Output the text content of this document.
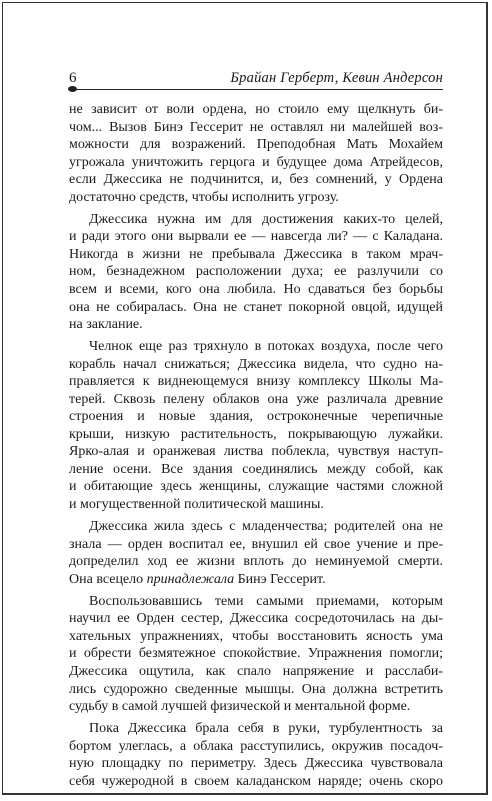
6	Брайан Герберт, Кевин Андерсон
не зависит от воли ордена, но стоило ему щелкнуть би-
чом... Вызов Бинэ Гессерит не оставлял ни малейшей воз-
можности для возражений. Преподобная Мать Мохайем
угрожала уничтожить герцога и будущее дома Атрейдесов,
если Джессика не подчинится, и, без сомнений, у Ордена
достаточно средств, чтобы исполнить угрозу.
Джессика нужна им для достижения каких-то целей,
и ради этого они вырвали ее — навсегда ли? — с Каладана.
Никогда в жизни не пребывала Джессика в таком мрач-
ном, безнадежном расположении духа; ее разлучили со
всем и всеми, кого она любила. Но сдаваться без борьбы
она не собиралась. Она не станет покорной овцой, идущей
на заклание.
Челнок еще раз тряхнуло в потоках воздуха, после чего
корабль начал снижаться; Джессика видела, что судно на-
правляется к виднеющемуся внизу комплексу Школы Ма-
терей. Сквозь пелену облаков она уже различала древние
строения и новые здания, остроконечные черепичные
крыши, низкую растительность, покрывающую лужайки.
Ярко-алая и оранжевая листва поблекла, чувствуя наступ-
ление осени. Все здания соединялись между собой, как
и обитающие здесь женщины, служащие частями сложной
и могущественной политической машины.
Джессика жила здесь с младенчества; родителей она не
знала — орден воспитал ее, внушил ей свое учение и пре-
допределил ход ее жизни вплоть до неминуемой смерти.
Она всецело принадлежала Бинэ Гессерит.
Воспользовавшись теми самыми приемами, которым
научил ее Орден сестер, Джессика сосредоточилась на ды-
хательных упражнениях, чтобы восстановить ясность ума
и обрести безмятежное спокойствие. Упражнения помогли;
Джессика ощутила, как спало напряжение и расслаби-
лись судорожно сведенные мышцы. Она должна встретить
судьбу в самой лучшей физической и ментальной форме.
Пока Джессика брала себя в руки, турбулентность за
бортом улеглась, а облака расступились, окружив посадоч-
ную площадку по периметру. Здесь Джессика чувствовала
себя чужеродной в своем каладанском наряде; очень скоро
